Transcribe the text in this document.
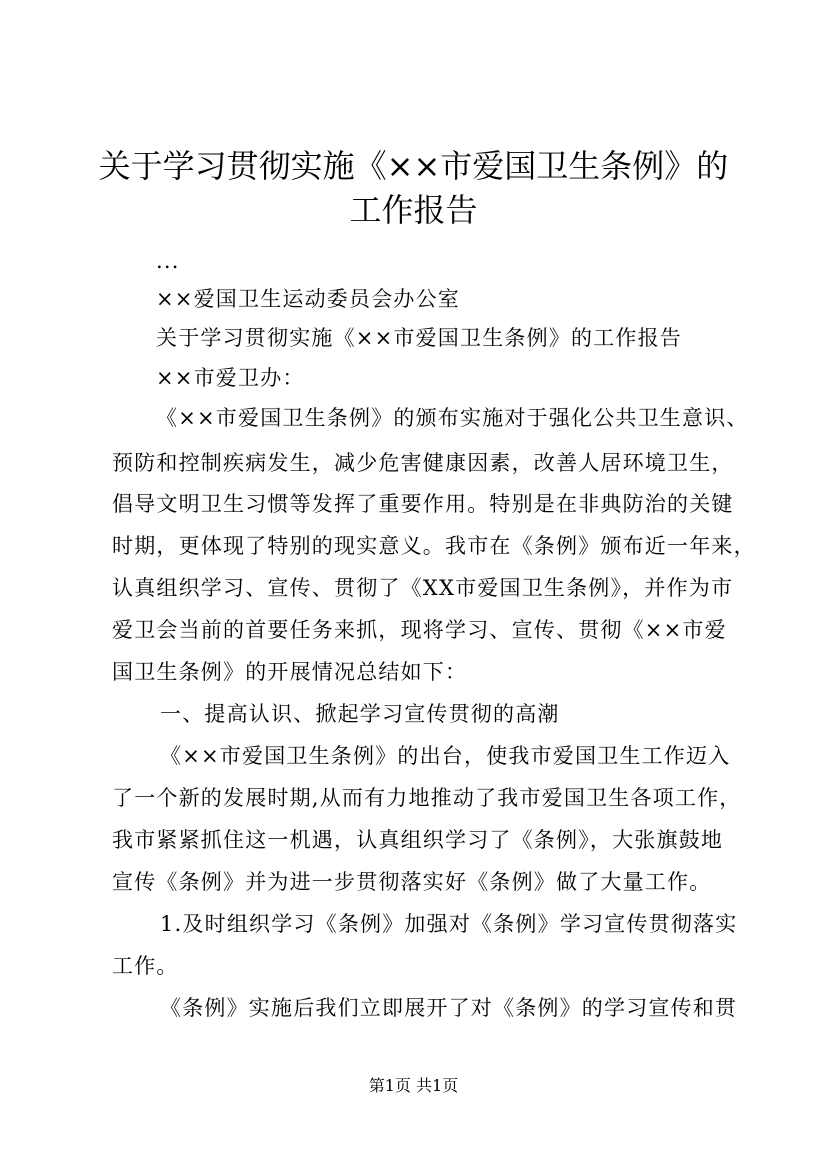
关于学习贯彻实施《××市爱国卫生条例》的
工作报告

...

××爱国卫生运动委员会办公室

关于学习贯彻实施《××市爱国卫生条例》的工作报告

××市爱卫办：

《××市爱国卫生条例》的颁布实施对于强化公共卫生意识、

预防和控制疾病发生，减少危害健康因素，改善人居环境卫生，

倡导文明卫生习惯等发挥了重要作用。特别是在非典防治的关键

时期，更体现了特别的现实意义。我市在《条例》颁布近一年来，

认真组织学习、宣传、贯彻了《XX市爱国卫生条例》，并作为市

爱卫会当前的首要任务来抓，现将学习、宣传、贯彻《××市爱

国卫生条例》的开展情况总结如下：

一、提高认识、掀起学习宣传贯彻的高潮

《××市爱国卫生条例》的出台，使我市爱国卫生工作迈入

了一个新的发展时期,从而有力地推动了我市爱国卫生各项工作，

我市紧紧抓住这一机遇，认真组织学习了《条例》，大张旗鼓地

宣传《条例》并为进一步贯彻落实好《条例》做了大量工作。

1.及时组织学习《条例》加强对《条例》学习宣传贯彻落实

工作。

《条例》实施后我们立即展开了对《条例》的学习宣传和贯

第1页 共1页
